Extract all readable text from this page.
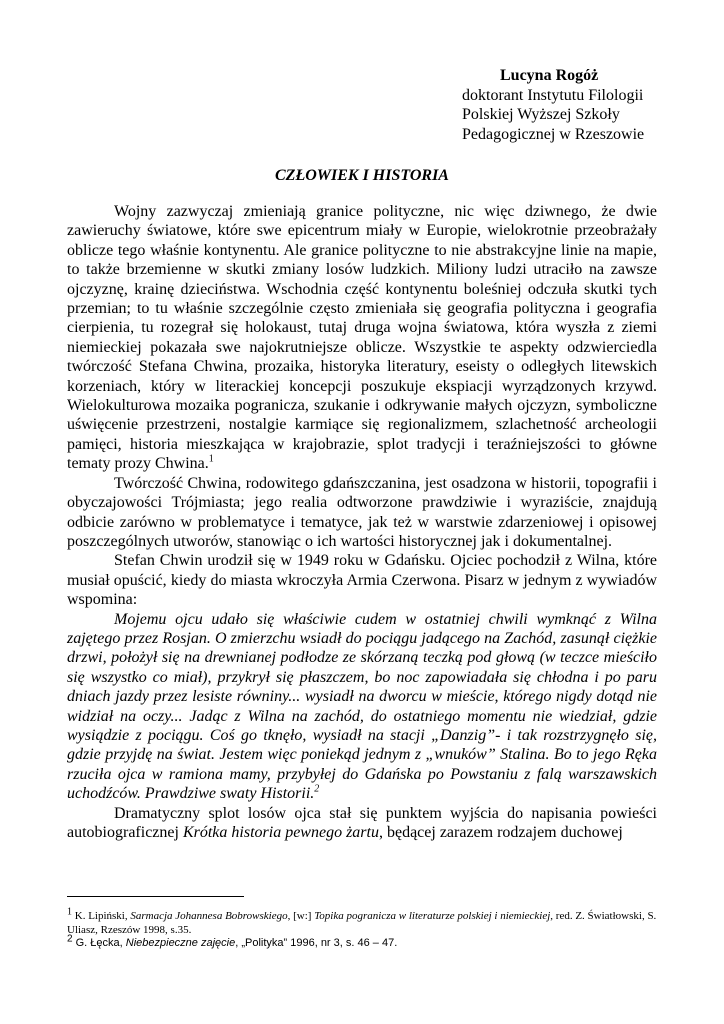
Lucyna Rogóż
doktorant Instytutu Filologii
Polskiej Wyższej Szkoły
Pedagogicznej w Rzeszowie
CZŁOWIEK I HISTORIA

Wojny zazwyczaj zmieniają granice polityczne, nic więc dziwnego, że dwie zawieruchy światowe, które swe epicentrum miały w Europie, wielokrotnie przeobrażały oblicze tego właśnie kontynentu. Ale granice polityczne to nie abstrakcyjne linie na mapie, to także brzemienne w skutki zmiany losów ludzkich. Miliony ludzi utraciło na zawsze ojczyznę, krainę dzieciństwa. Wschodnia część kontynentu boleśniej odczuła skutki tych przemian; to tu właśnie szczególnie często zmieniała się geografia polityczna i geografia cierpienia, tu rozegrał się holokaust, tutaj druga wojna światowa, która wyszła z ziemi niemieckiej pokazała swe najokrutniejsze oblicze. Wszystkie te aspekty odzwierciedla twórczość Stefana Chwina, prozaika, historyka literatury, eseisty o odległych litewskich korzeniach, który w literackiej koncepcji poszukuje ekspiacji wyrządzonych krzywd. Wielokulturowa mozaika pogranicza, szukanie i odkrywanie małych ojczyzn, symboliczne uświęcenie przestrzeni, nostalgie karmiące się regionalizmem, szlachetność archeologii pamięci, historia mieszkająca w krajobrazie, splot tradycji i teraźniejszości to główne tematy prozy Chwina.$^1$

Twórczość Chwina, rodowitego gdańszczanina, jest osadzona w historii, topografii i obyczajowości Trójmiasta; jego realia odtworzone prawdziwie i wyraziście, znajdują odbicie zarówno w problematyce i tematyce, jak też w warstwie zdarzeniowej i opisowej poszczególnych utworów, stanowiąc o ich wartości historycznej jak i dokumentalnej.

Stefan Chwin urodził się w 1949 roku w Gdańsku. Ojciec pochodził z Wilna, które musiał opuścić, kiedy do miasta wkroczyła Armia Czerwona. Pisarz w jednym z wywiadów wspomina:

Mojemu ojcu udało się właściwie cudem w ostatniej chwili wymknąć z Wilna zajętego przez Rosjan. O zmierzchu wsiadł do pociągu jadącego na Zachód, zasunął ciężkie drzwi, położył się na drewnianej podłodze ze skórzaną teczką pod głową (w teczce mieściło się wszystko co miał), przykrył się płaszczem, bo noc zapowiadała się chłodna i po paru dniach jazdy przez lesiste równiny... wysiadł na dworcu w mieście, którego nigdy dotąd nie widział na oczy... Jadąc z Wilna na zachód, do ostatniego momentu nie wiedział, gdzie wysiądzie z pociągu. Coś go tknęło, wysiadł na stacji „Danzig”- i tak rozstrzygnęło się, gdzie przyjdę na świat. Jestem więc poniekąd jednym z „wnuków” Stalina. Bo to jego Ręka rzuciła ojca w ramiona mamy, przybyłej do Gdańska po Powstaniu z falą warszawskich uchodźców. Prawdziwe swaty Historii.$^2$

Dramatyczny splot losów ojca stał się punktem wyjścia do napisania powieści autobiograficznej Krótka historia pewnego żartu, będącej zarazem rodzajem duchowej

$^1$ K. Lipiński, Sarmacja Johannesa Bobrowskiego, [w:] Topika pogranicza w literaturze polskiej i niemieckiej, red. Z. Światłowski, S. Uliasz, Rzeszów 1998, s.35.

$^2$ G. Łęcka, Niebezpieczne zajęcie, „Polityka” 1996, nr 3, s. 46 – 47.
